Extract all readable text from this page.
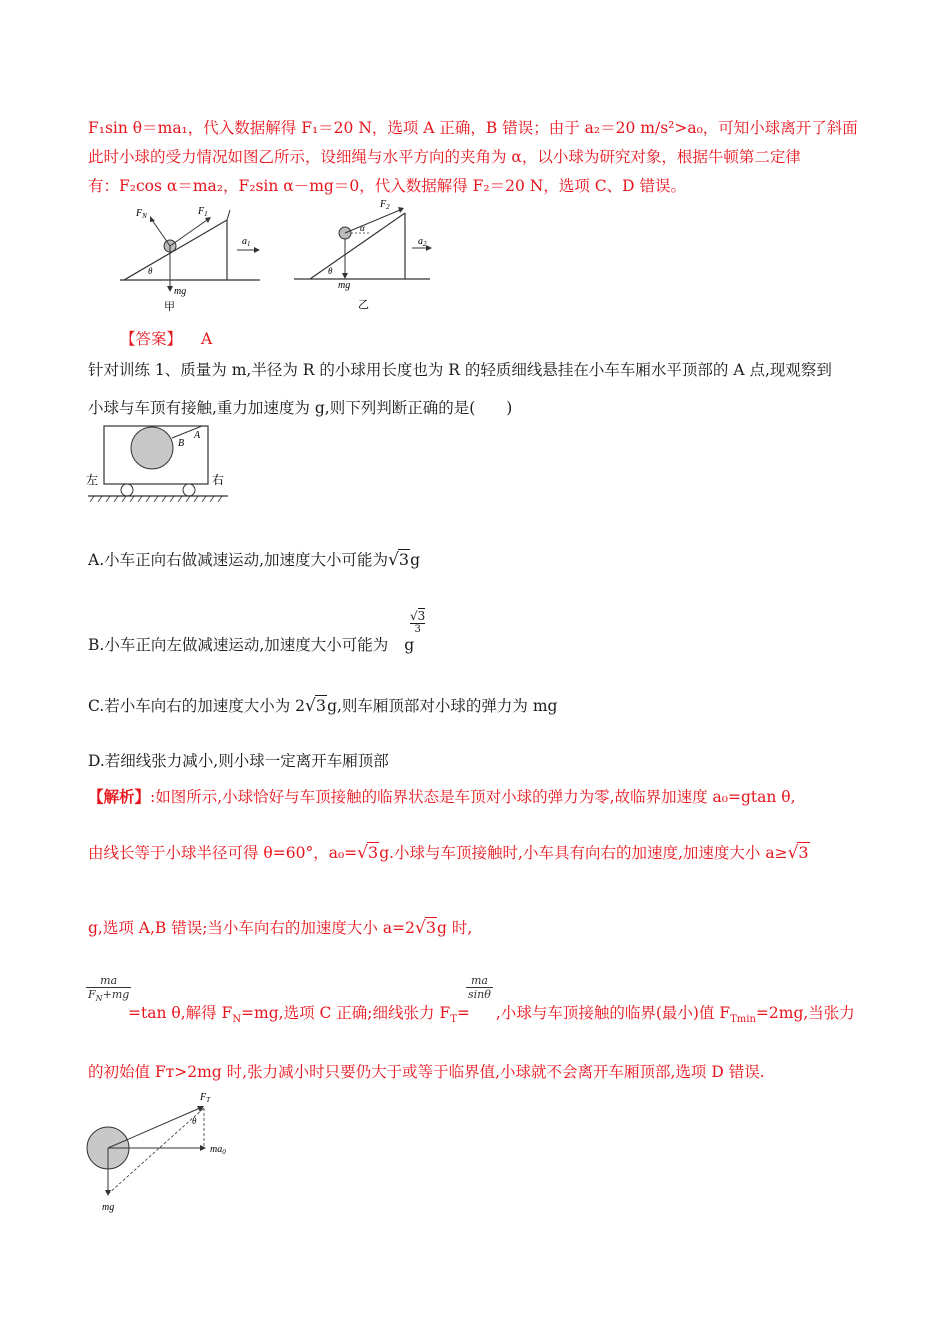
F₁sin θ＝ma₁，代入数据解得 F₁＝20 N，选项 A 正确，B 错误；由于 a₂＝20 m/s²>a₀，可知小球离开了斜面
此时小球的受力情况如图乙所示，设细绳与水平方向的夹角为 α，以小球为研究对象，根据牛顿第二定律
有：F₂cos α＝ma₂，F₂sin α－mg＝0，代入数据解得 F₂＝20 N，选项 C、D 错误。
$F_N$	$F_1$
$a_1$
θ
mg
甲
$F_2$
α
$a_2$
θ
mg
乙
【答案】 A
针对训练 1、质量为 m,半径为 R 的小球用长度也为 R 的轻质细线悬挂在小车车厢水平顶部的 A 点,现观察到
小球与车顶有接触,重力加速度为 g,则下列判断正确的是(　　)
A
B
左	右
A.小车正向右做减速运动,加速度大小可能为√3g
√3
3
B.小车正向左做减速运动,加速度大小可能为 g
C.若小车向右的加速度大小为 2√3g,则车厢顶部对小球的弹力为 mg
D.若细线张力减小,则小球一定离开车厢顶部
【解析】:如图所示,小球恰好与车顶接触的临界状态是车顶对小球的弹力为零,故临界加速度 a₀=gtan θ,
由线长等于小球半径可得 θ=60°，a₀=√3g.小球与车顶接触时,小车具有向右的加速度,加速度大小 a≥√3
g,选项 A,B 错误;当小车向右的加速度大小 a=2√3g 时,
$\frac{ma}{F_N+mg}$	$\frac{ma}{\sin\theta}$
=tan θ,解得 $F_N=mg$,选项 C 正确;细线张力 $F_T=$ ,小球与车顶接触的临界(最小)值 $F_{Tmin}=2mg$,当张力
的初始值 Fᴛ>2mg 时,张力减小时只要仍大于或等于临界值,小球就不会离开车厢顶部,选项 D 错误.
$F_T$
θ
$ma_0$
mg
